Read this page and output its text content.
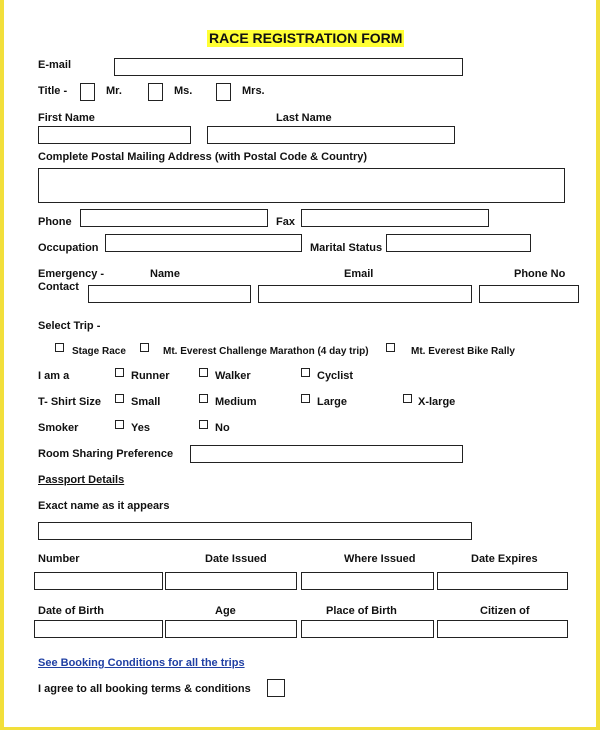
RACE REGISTRATION FORM
E-mail
Title -	Mr.	Ms.	Mrs.
First Name	Last Name
Complete Postal Mailing Address (with Postal Code & Country)
Phone	Fax
Occupation	Marital Status
Emergency -
Contact
Name	Email	Phone No
Select Trip -
Stage Race	Mt. Everest Challenge Marathon (4 day trip)	Mt. Everest Bike Rally
I am a	Runner	Walker	Cyclist
T- Shirt Size	Small	Medium	Large	X-large
Smoker	Yes	No
Room Sharing Preference
Passport Details
Exact name as it appears
Number	Date Issued	Where Issued	Date Expires
Date of Birth	Age	Place of Birth	Citizen of
See Booking Conditions for all the trips
I agree to all booking terms & conditions
